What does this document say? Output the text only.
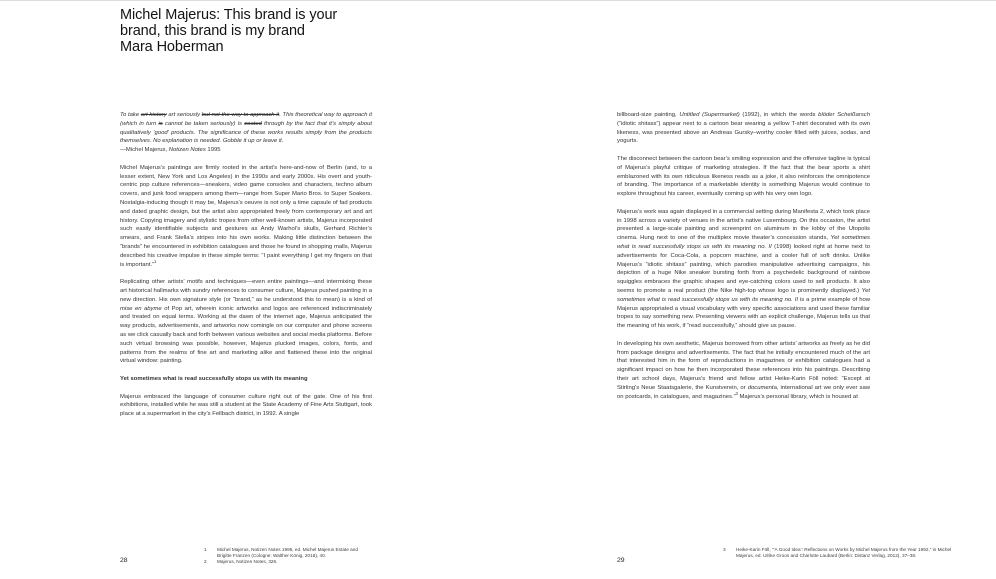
Michel Majerus: This brand is your
brand, this brand is my brand
Mara Hoberman

To take art history art seriously but not the way to approach it. This theoretical way to approach it (which in turn is cannot be taken seriously) is coated through by the fact that it’s simply about qualitatively ‘good’ products. The significance of these works results simply from the products themselves. No explanation is needed. Gobble it up or leave it.

—Michel Majerus, Notizen Notes 1995

Michel Majerus’s paintings are firmly rooted in the artist’s here-and-now of Berlin (and, to a lesser extent, New York and Los Angeles) in the 1990s and early 2000s. His overt and youth-centric pop culture references—sneakers, video game consoles and characters, techno album covers, and junk food wrappers among them—range from Super Mario Bros. to Super Soakers. Nostalgia-inducing though it may be, Majerus’s oeuvre is not only a time capsule of fad products and dated graphic design, but the artist also appropriated freely from contemporary art and art history. Copying imagery and stylistic tropes from other well-known artists, Majerus incorporated such easily identifiable subjects and gestures as Andy Warhol’s skulls, Gerhard Richter’s smears, and Frank Stella’s stripes into his own works. Making little distinction between the “brands” he encountered in exhibition catalogues and those he found in shopping malls, Majerus described his creative impulse in these simple terms: “I paint everything I get my fingers on that is important.”$^1$

Replicating other artists’ motifs and techniques—even entire paintings—and intermixing these art historical hallmarks with sundry references to consumer culture, Majerus pushed painting in a new direction. His own signature style (or “brand,” as he understood this to mean) is a kind of mise en abyme of Pop art, wherein iconic artworks and logos are referenced indiscriminately and treated on equal terms. Working at the dawn of the internet age, Majerus anticipated the way products, advertisements, and artworks now comingle on our computer and phone screens as we click casually back and forth between various websites and social media platforms. Before such virtual browsing was possible, however, Majerus plucked images, colors, fonts, and patterns from the realms of fine art and marketing alike and flattened these into the original virtual window: painting.

Yet sometimes what is read successfully stops us with its meaning

Majerus embraced the language of consumer culture right out of the gate. One of his first exhibitions, installed while he was still a student at the State Academy of Fine Arts Stuttgart, took place at a supermarket in the city’s Fellbach district, in 1992. A single

1	Michel Majerus, Notizen Notes 1995, ed. Michel Majerus Estate and Brigitte Franzen (Cologne: Walther König, 2018), 40.
2	Majerus, Notizen Notes, 326.
28

billboard-size painting, Untitled (Supermarket) (1992), in which the words blöder Scheißarsch (“idiotic shitass”) appear next to a cartoon bear wearing a yellow T-shirt decorated with its own likeness, was presented above an Andreas Gursky–worthy cooler filled with juices, sodas, and yogurts.

The disconnect between the cartoon bear’s smiling expression and the offensive tagline is typical of Majerus’s playful critique of marketing strategies. If the fact that the bear sports a shirt emblazoned with its own ridiculous likeness reads as a joke, it also reinforces the omnipotence of branding. The importance of a marketable identity is something Majerus would continue to explore throughout his career, eventually coming up with his very own logo.

Majerus’s work was again displayed in a commercial setting during Manifesta 2, which took place in 1998 across a variety of venues in the artist’s native Luxembourg. On this occasion, the artist presented a large-scale painting and screenprint on aluminum in the lobby of the Utopolis cinema. Hung next to one of the multiplex movie theater’s concession stands, Yet sometimes what is read successfully stops us with its meaning no. II (1998) looked right at home next to advertisements for Coca-Cola, a popcorn machine, and a cooler full of soft drinks. Unlike Majerus’s “idiotic shitass” painting, which parodies manipulative advertising campaigns, his depiction of a huge Nike sneaker bursting forth from a psychedelic background of rainbow squiggles embraces the graphic shapes and eye-catching colors used to sell products. It also seems to promote a real product (the Nike high-top whose logo is prominently displayed.) Yet sometimes what is read successfully stops us with its meaning no. II is a prime example of how Majerus appropriated a visual vocabulary with very specific associations and used these familiar tropes to say something new. Presenting viewers with an explicit challenge, Majerus tells us that the meaning of his work, if “read successfully,” should give us pause.

In developing his own aesthetic, Majerus borrowed from other artists’ artworks as freely as he did from package designs and advertisements. The fact that he initially encountered much of the art that interested him in the form of reproductions in magazines or exhibition catalogues had a significant impact on how he then incorporated these references into his paintings. Describing their art school days, Majerus’s friend and fellow artist Heike-Karin Föll noted: “Except at Stirling’s Neue Staatsgalerie, the Kunstverein, or documenta, international art we only ever saw on postcards, in catalogues, and magazines.”$^3$ Majerus’s personal library, which is housed at

3	Heike-Karin Föll, “‘A Good Idea’: Reflections on Works by Michel Majerus from the Year 1992,” in Michel Majerus, ed. Ulrike Groos and Charlotte Laubard (Berlin: Distanz Verlag, 2012), 37–38.
29
